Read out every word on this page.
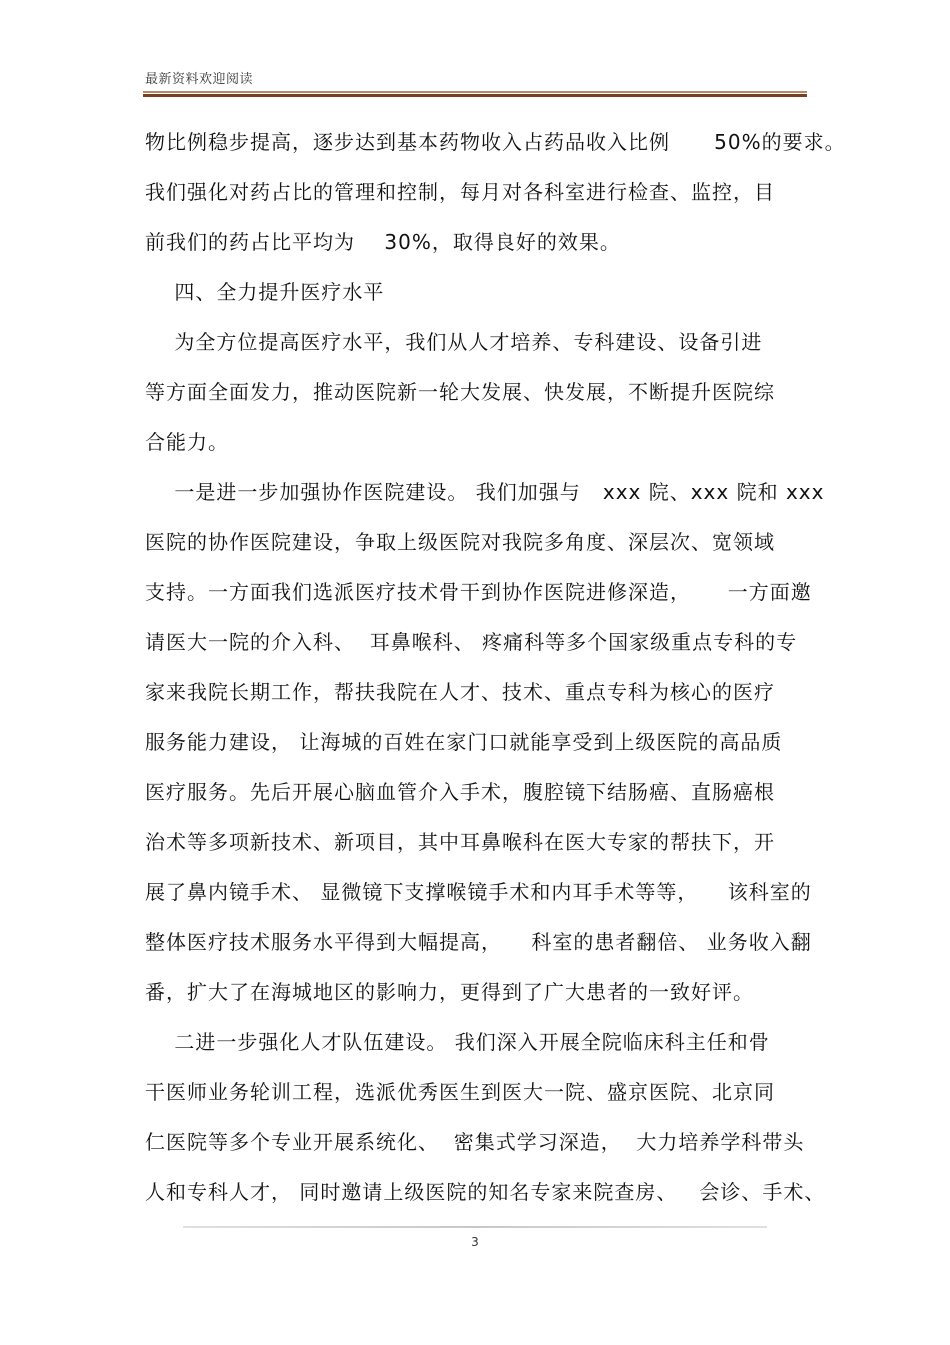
最新资料欢迎阅读
物比例稳步提高，逐步达到基本药物收入占药品收入比例      50%的要求。
我们强化对药占比的管理和控制，每月对各科室进行检查、监控，目
前我们的药占比平均为    30%，取得良好的效果。
四、全力提升医疗水平
为全方位提高医疗水平，我们从人才培养、专科建设、设备引进
等方面全面发力，推动医院新一轮大发展、快发展，不断提升医院综
合能力。
一是进一步加强协作医院建设。 我们加强与   xxx 院、xxx 院和 xxx
医院的协作医院建设，争取上级医院对我院多角度、深层次、宽领域
支持。一方面我们选派医疗技术骨干到协作医院进修深造，     一方面邀
请医大一院的介入科、  耳鼻喉科、 疼痛科等多个国家级重点专科的专
家来我院长期工作，帮扶我院在人才、技术、重点专科为核心的医疗
服务能力建设， 让海城的百姓在家门口就能享受到上级医院的高品质
医疗服务。先后开展心脑血管介入手术，腹腔镜下结肠癌、直肠癌根
治术等多项新技术、新项目，其中耳鼻喉科在医大专家的帮扶下，开
展了鼻内镜手术、 显微镜下支撑喉镜手术和内耳手术等等，    该科室的
整体医疗技术服务水平得到大幅提高，    科室的患者翻倍、 业务收入翻
番，扩大了在海城地区的影响力，更得到了广大患者的一致好评。
二进一步强化人才队伍建设。 我们深入开展全院临床科主任和骨
干医师业务轮训工程，选派优秀医生到医大一院、盛京医院、北京同
仁医院等多个专业开展系统化、  密集式学习深造，  大力培养学科带头
人和专科人才， 同时邀请上级医院的知名专家来院查房、   会诊、手术、
3
